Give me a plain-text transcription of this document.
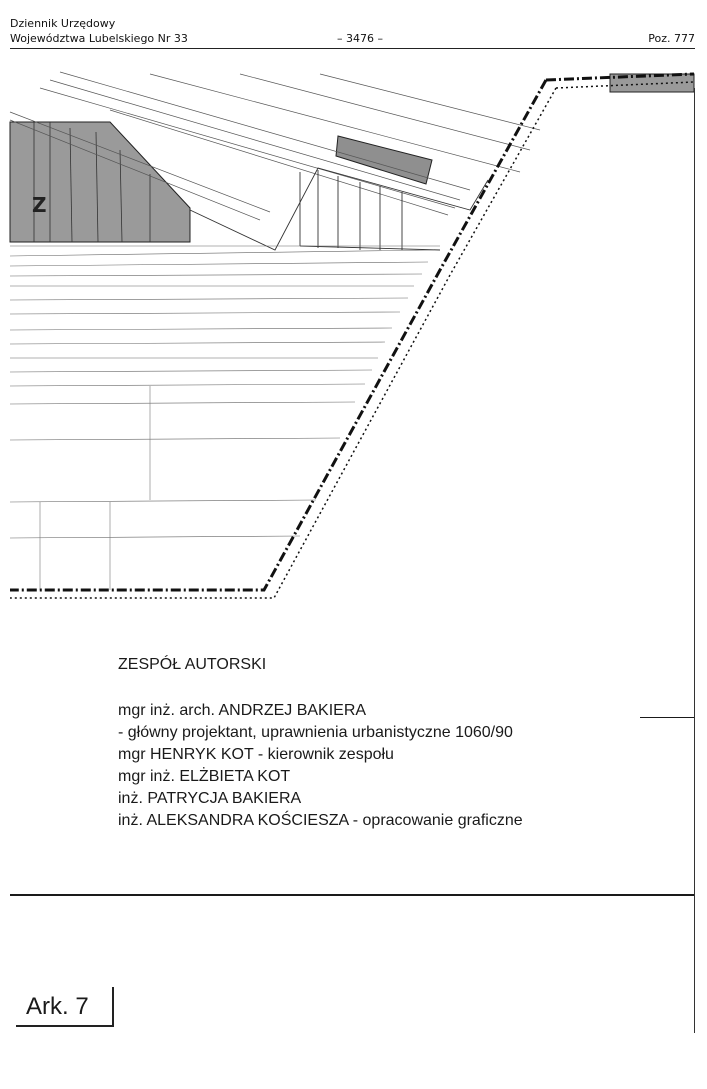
Dziennik Urzędowy
Województwa Lubelskiego Nr 33	– 3476 –	Poz. 777
Z
ZESPÓŁ AUTORSKI
mgr inż. arch. ANDRZEJ BAKIERA
- główny projektant, uprawnienia urbanistyczne 1060/90
mgr HENRYK KOT - kierownik zespołu
mgr inż. ELŻBIETA KOT
inż. PATRYCJA BAKIERA
inż. ALEKSANDRA KOŚCIESZA - opracowanie graficzne
Ark. 7
